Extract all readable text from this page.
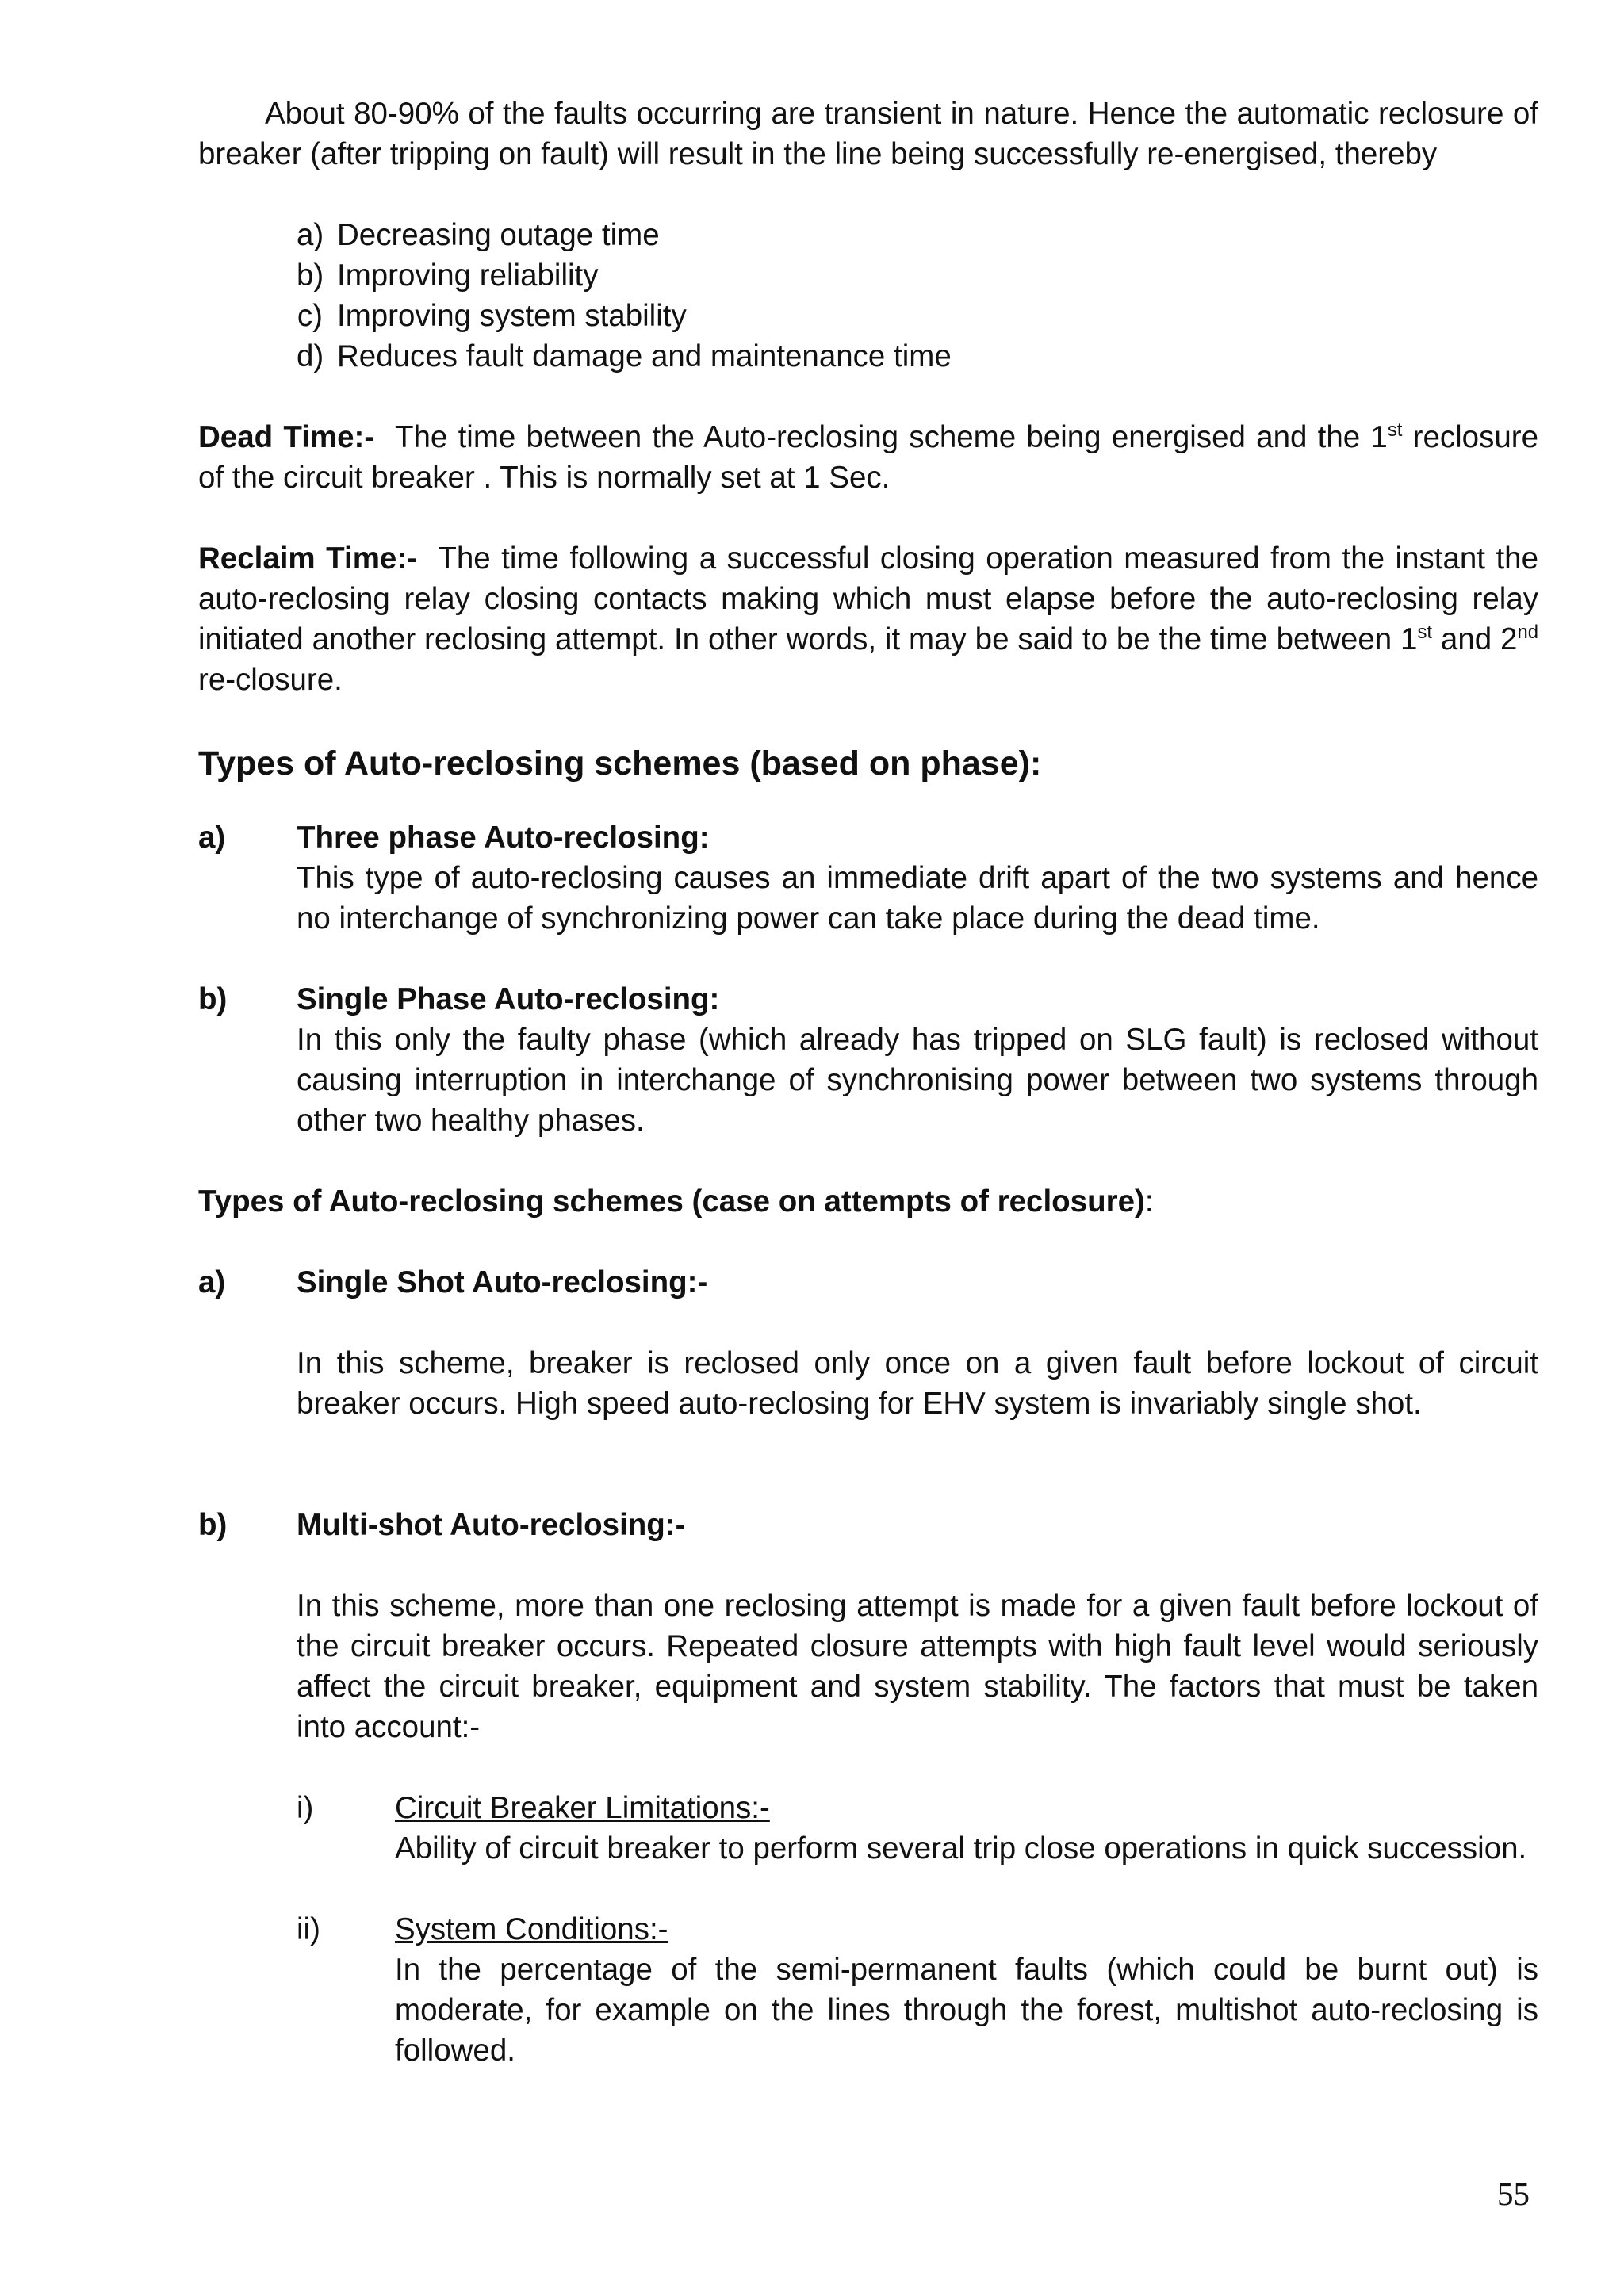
About 80-90% of the faults occurring are transient in nature. Hence the automatic reclosure of breaker (after tripping on fault) will result in the line being successfully re-energised, thereby

a) Decreasing outage time
b) Improving reliability
c) Improving system stability
d) Reduces fault damage and maintenance time

Dead Time:- The time between the Auto-reclosing scheme being energised and the 1st reclosure of the circuit breaker . This is normally set at 1 Sec.

Reclaim Time:- The time following a successful closing operation measured from the instant the auto-reclosing relay closing contacts making which must elapse before the auto-reclosing relay initiated another reclosing attempt. In other words, it may be said to be the time between 1st and 2nd re-closure.

Types of Auto-reclosing schemes (based on phase):

a)	Three phase Auto-reclosing:

This type of auto-reclosing causes an immediate drift apart of the two systems and hence no interchange of synchronizing power can take place during the dead time.

b)	Single Phase Auto-reclosing:

In this only the faulty phase (which already has tripped on SLG fault) is reclosed without causing interruption in interchange of synchronising power between two systems through other two healthy phases.

Types of Auto-reclosing schemes (case on attempts of reclosure):

a)	Single Shot Auto-reclosing:-

In this scheme, breaker is reclosed only once on a given fault before lockout of circuit breaker occurs. High speed auto-reclosing for EHV system is invariably single shot.

b)	Multi-shot Auto-reclosing:-

In this scheme, more than one reclosing attempt is made for a given fault before lockout of the circuit breaker occurs. Repeated closure attempts with high fault level would seriously affect the circuit breaker, equipment and system stability. The factors that must be taken into account:-

i)	Circuit Breaker Limitations:-

Ability of circuit breaker to perform several trip close operations in quick succession.

ii)	System Conditions:-

In the percentage of the semi-permanent faults (which could be burnt out) is moderate, for example on the lines through the forest, multishot auto-reclosing is followed.

55
